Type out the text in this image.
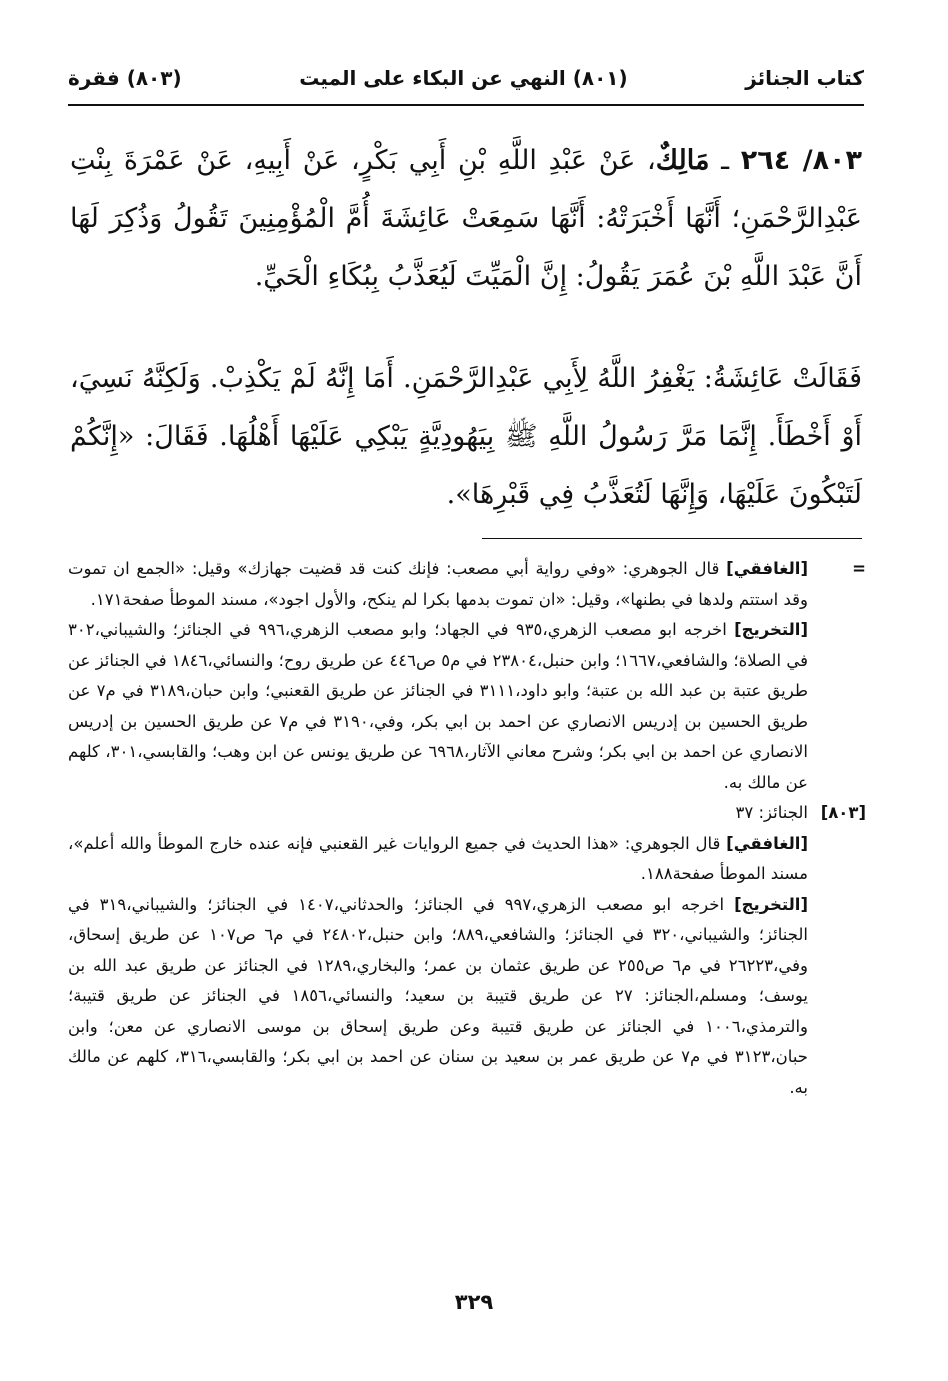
كتاب الجنائز
(٨٠١) النهي عن البكاء على الميت
(٨٠٣) فقرة

٨٠٣/ ٢٦٤ ـ مَالِكٌ، عَنْ عَبْدِ اللَّهِ بْنِ أَبِي بَكْرٍ، عَنْ أَبِيهِ، عَنْ عَمْرَةَ بِنْتِ عَبْدِالرَّحْمَنِ؛ أَنَّهَا أَخْبَرَتْهُ: أَنَّهَا سَمِعَتْ عَائِشَةَ أُمَّ الْمُؤْمِنِينَ تَقُولُ وَذُكِرَ لَهَا أَنَّ عَبْدَ اللَّهِ بْنَ عُمَرَ يَقُولُ: إِنَّ الْمَيِّتَ لَيُعَذَّبُ بِبُكَاءِ الْحَيِّ.

فَقَالَتْ عَائِشَةُ: يَغْفِرُ اللَّهُ لِأَبِي عَبْدِالرَّحْمَنِ. أَمَا إِنَّهُ لَمْ يَكْذِبْ. وَلَكِنَّهُ نَسِيَ، أَوْ أَخْطَأَ. إِنَّمَا مَرَّ رَسُولُ اللَّهِ ﷺ بِيَهُودِيَّةٍ يَبْكِي عَلَيْهَا أَهْلُهَا. فَقَالَ: «إِنَّكُمْ لَتَبْكُونَ عَلَيْهَا، وَإِنَّهَا لَتُعَذَّبُ فِي قَبْرِهَا».

=
[الغافقي] قال الجوهري: «وفي رواية أبي مصعب: فإنك كنت قد قضيت جهازك» وقيل: «الجمع ان تموت وقد استتم ولدها في بطنها»، وقيل: «ان تموت بدمها بكرا لم ينكح، والأول اجود»، مسند الموطأ صفحة١٧١.
[التخريج] اخرجه ابو مصعب الزهري،٩٣٥ في الجهاد؛ وابو مصعب الزهري،٩٩٦ في الجنائز؛ والشيباني،٣٠٢ في الصلاة؛ والشافعي،١٦٦٧؛ وابن حنبل،٢٣٨٠٤ في م٥ ص٤٤٦ عن طريق روح؛ والنسائي،١٨٤٦ في الجنائز عن طريق عتبة بن عبد الله بن عتبة؛ وابو داود،٣١١١ في الجنائز عن طريق القعنبي؛ وابن حبان،٣١٨٩ في م٧ عن طريق الحسين بن إدريس الانصاري عن احمد بن ابي بكر، وفي،٣١٩٠ في م٧ عن طريق الحسين بن إدريس الانصاري عن احمد بن ابي بكر؛ وشرح معاني الآثار،٦٩٦٨ عن طريق يونس عن ابن وهب؛ والقابسي،٣٠١، كلهم عن مالك به.
[٨٠٣]
الجنائز: ٣٧
[الغافقي] قال الجوهري: «هذا الحديث في جميع الروايات غير القعنبي فإنه عنده خارج الموطأ والله أعلم»، مسند الموطأ صفحة١٨٨.
[التخريج] اخرجه ابو مصعب الزهري،٩٩٧ في الجنائز؛ والحدثاني،١٤٠٧ في الجنائز؛ والشيباني،٣١٩ في الجنائز؛ والشيباني،٣٢٠ في الجنائز؛ والشافعي،٨٨٩؛ وابن حنبل،٢٤٨٠٢ في م٦ ص١٠٧ عن طريق إسحاق، وفي،٢٦٢٢٣ في م٦ ص٢٥٥ عن طريق عثمان بن عمر؛ والبخاري،١٢٨٩ في الجنائز عن طريق عبد الله بن يوسف؛ ومسلم،الجنائز: ٢٧ عن طريق قتيبة بن سعيد؛ والنسائي،١٨٥٦ في الجنائز عن طريق قتيبة؛ والترمذي،١٠٠٦ في الجنائز عن طريق قتيبة وعن طريق إسحاق بن موسى الانصاري عن معن؛ وابن حبان،٣١٢٣ في م٧ عن طريق عمر بن سعيد بن سنان عن احمد بن ابي بكر؛ والقابسي،٣١٦، كلهم عن مالك به.
٣٢٩
